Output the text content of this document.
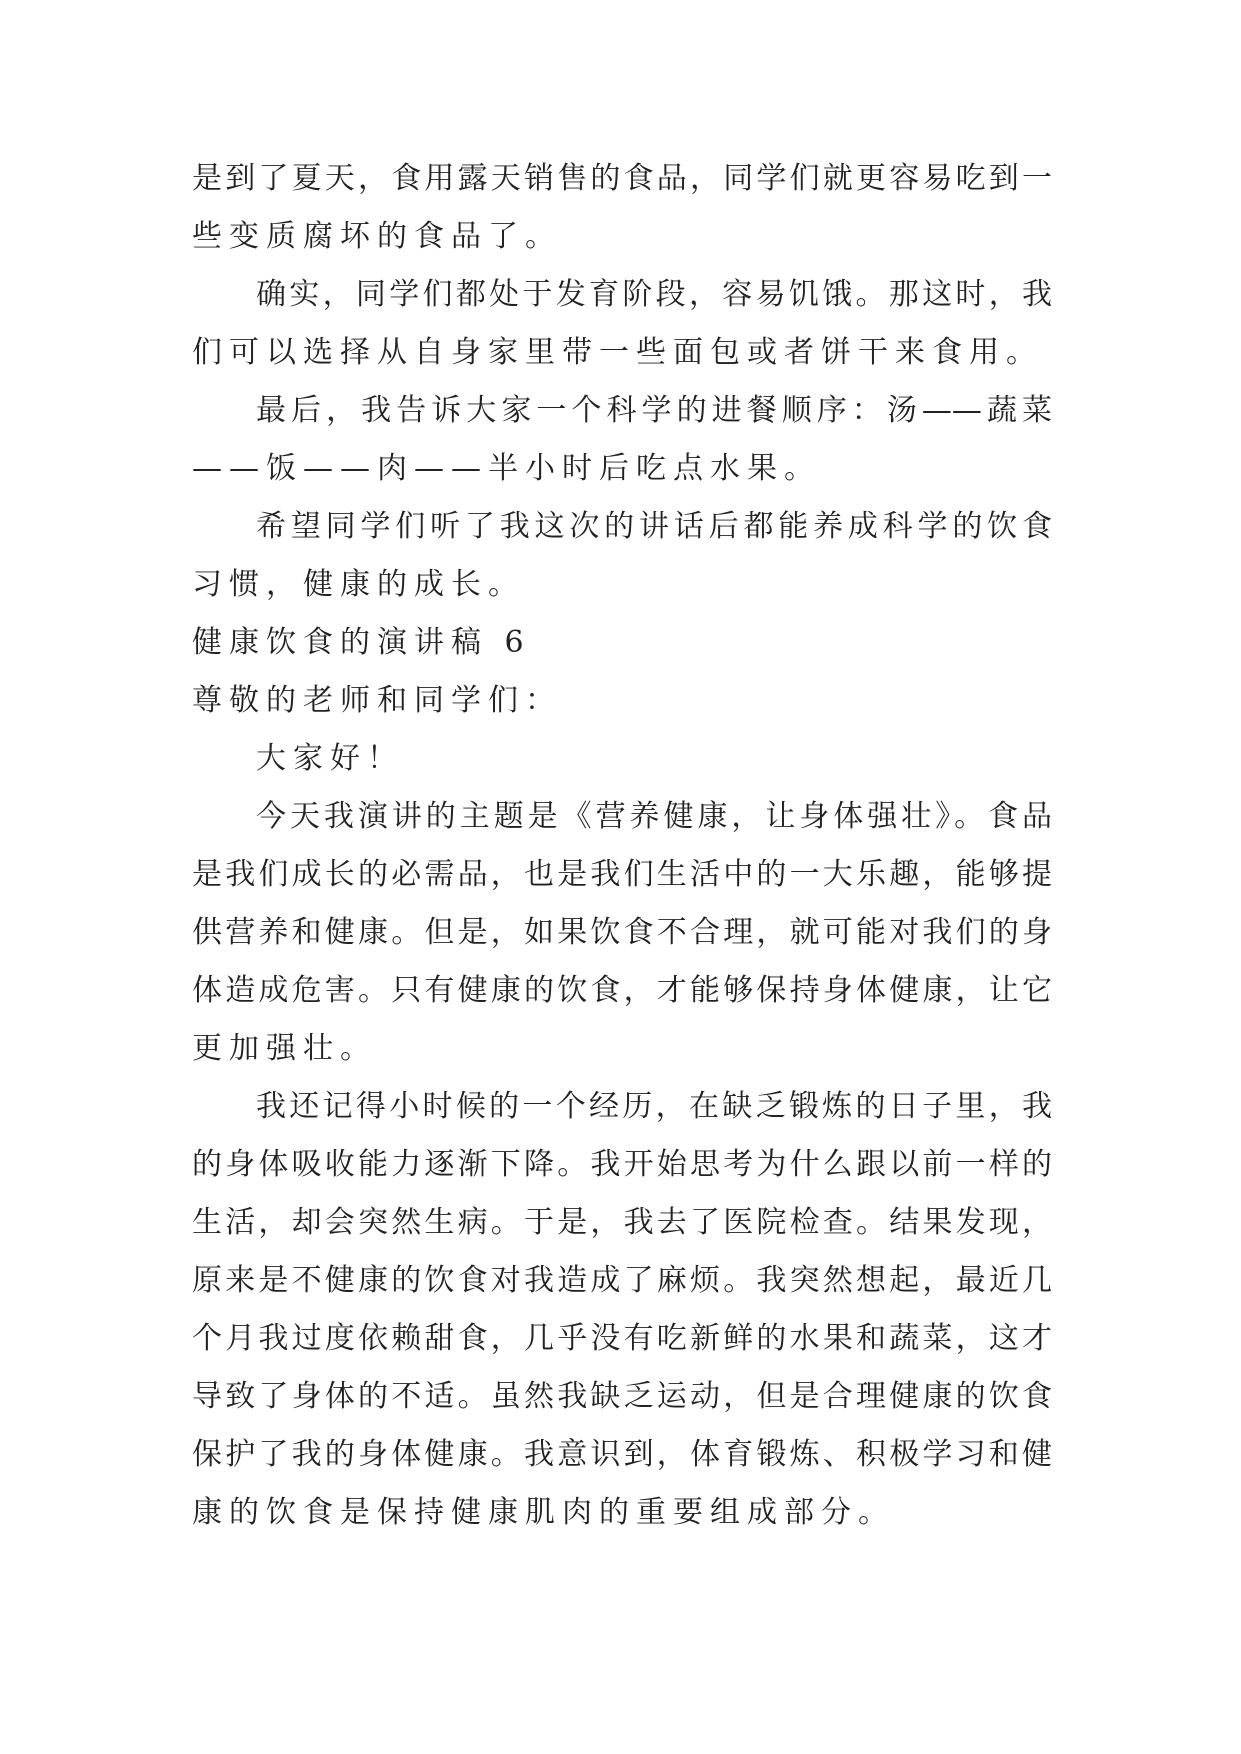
是到了夏天，食用露天销售的食品，同学们就更容易吃到一
些变质腐坏的食品了。
确实，同学们都处于发育阶段，容易饥饿。那这时，我
们可以选择从自身家里带一些面包或者饼干来食用。
最后，我告诉大家一个科学的进餐顺序：汤——蔬菜
——饭——肉——半小时后吃点水果。
希望同学们听了我这次的讲话后都能养成科学的饮食
习惯，健康的成长。
健康饮食的演讲稿 6
尊敬的老师和同学们：
大家好！
今天我演讲的主题是《营养健康，让身体强壮》。食品
是我们成长的必需品，也是我们生活中的一大乐趣，能够提
供营养和健康。但是，如果饮食不合理，就可能对我们的身
体造成危害。只有健康的饮食，才能够保持身体健康，让它
更加强壮。
我还记得小时候的一个经历，在缺乏锻炼的日子里，我
的身体吸收能力逐渐下降。我开始思考为什么跟以前一样的
生活，却会突然生病。于是，我去了医院检查。结果发现，
原来是不健康的饮食对我造成了麻烦。我突然想起，最近几
个月我过度依赖甜食，几乎没有吃新鲜的水果和蔬菜，这才
导致了身体的不适。虽然我缺乏运动，但是合理健康的饮食
保护了我的身体健康。我意识到，体育锻炼、积极学习和健
康的饮食是保持健康肌肉的重要组成部分。
